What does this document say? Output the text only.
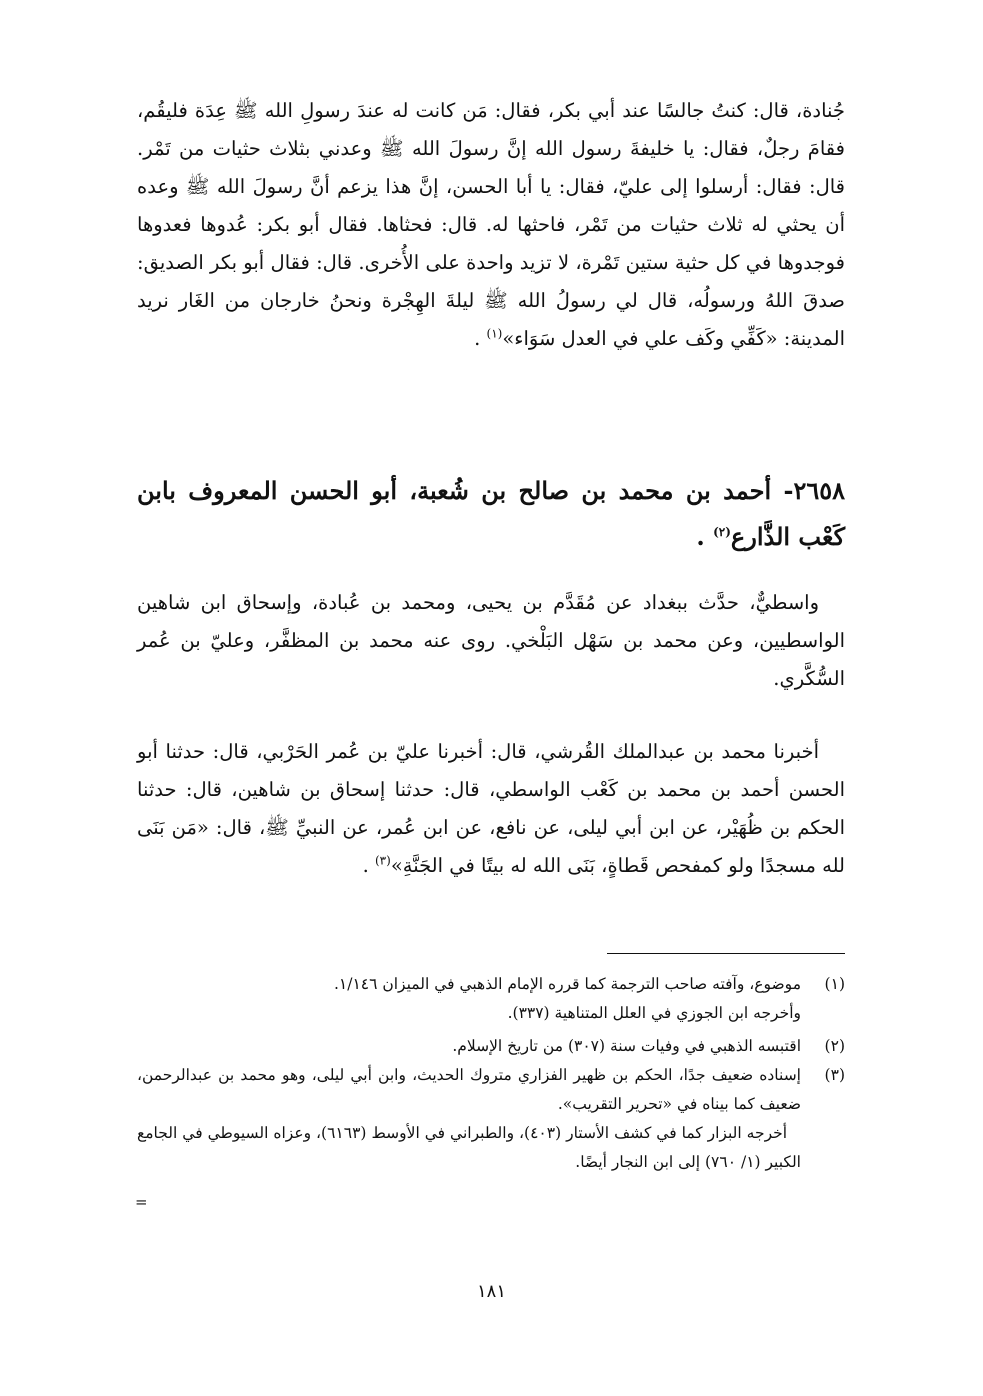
جُنادة، قال: كنتُ جالسًا عند أبي بكر، فقال: مَن كانت له عندَ رسولِ الله ﷺ عِدَة فليقُم، فقامَ رجلٌ، فقال: يا خليفةَ رسول الله إنَّ رسولَ الله ﷺ وعدني بثلاث حثيات من تَمْر. قال: فقال: أرسلوا إلى عليّ، فقال: يا أبا الحسن، إنَّ هذا يزعم أنَّ رسولَ الله ﷺ وعده أن يحثي له ثلاث حثيات من تَمْر، فاحثها له. قال: فحثاها. فقال أبو بكر: عُدوها فعدوها فوجدوها في كل حثية ستين تَمْرة، لا تزيد واحدة على الأُخرى. قال: فقال أبو بكر الصديق: صدقَ اللهُ ورسولُه، قال لي رسولُ الله ﷺ ليلةَ الهِجْرة ونحنُ خارجان من الغَار نريد المدينة: «كَفِّي وكَف علي في العدل سَوَاء»$^{(١)}$ .

٢٦٥٨- أحمد بن محمد بن صالح بن شُعبة، أبو الحسن المعروف بابن كَعْب الذَّارع$^{(٢)}$ .

واسطيٌّ، حدَّث ببغداد عن مُقَدَّم بن يحيى، ومحمد بن عُبادة، وإسحاق ابن شاهين الواسطيين، وعن محمد بن سَهْل البَلْخي. روى عنه محمد بن المظفَّر، وعليّ بن عُمر السُّكَّري.

أخبرنا محمد بن عبدالملك القُرشي، قال: أخبرنا عليّ بن عُمر الحَرْبي، قال: حدثنا أبو الحسن أحمد بن محمد بن كَعْب الواسطي، قال: حدثنا إسحاق بن شاهين، قال: حدثنا الحكم بن ظُهَيْر، عن ابن أبي ليلى، عن نافع، عن ابن عُمر، عن النبيِّ ﷺ، قال: «مَن بَنَى لله مسجدًا ولو كمفحص قَطاةٍ، بَنَى الله له بيتًا في الجَنَّةِ»$^{(٣)}$ .

(١)
موضوع، وآفته صاحب الترجمة كما قرره الإمام الذهبي في الميزان ١/١٤٦.
وأخرجه ابن الجوزي في العلل المتناهية (٣٣٧).
(٢)
اقتبسه الذهبي في وفيات سنة (٣٠٧) من تاريخ الإسلام.
(٣)
إسناده ضعيف جدًا، الحكم بن ظهير الفزاري متروك الحديث، وابن أبي ليلى، وهو محمد بن عبدالرحمن، ضعيف كما بيناه في «تحرير التقريب».
أخرجه البزار كما في كشف الأستار (٤٠٣)، والطبراني في الأوسط (٦١٦٣)، وعزاه السيوطي في الجامع الكبير (١/ ٧٦٠) إلى ابن النجار أيضًا.
=
١٨١
